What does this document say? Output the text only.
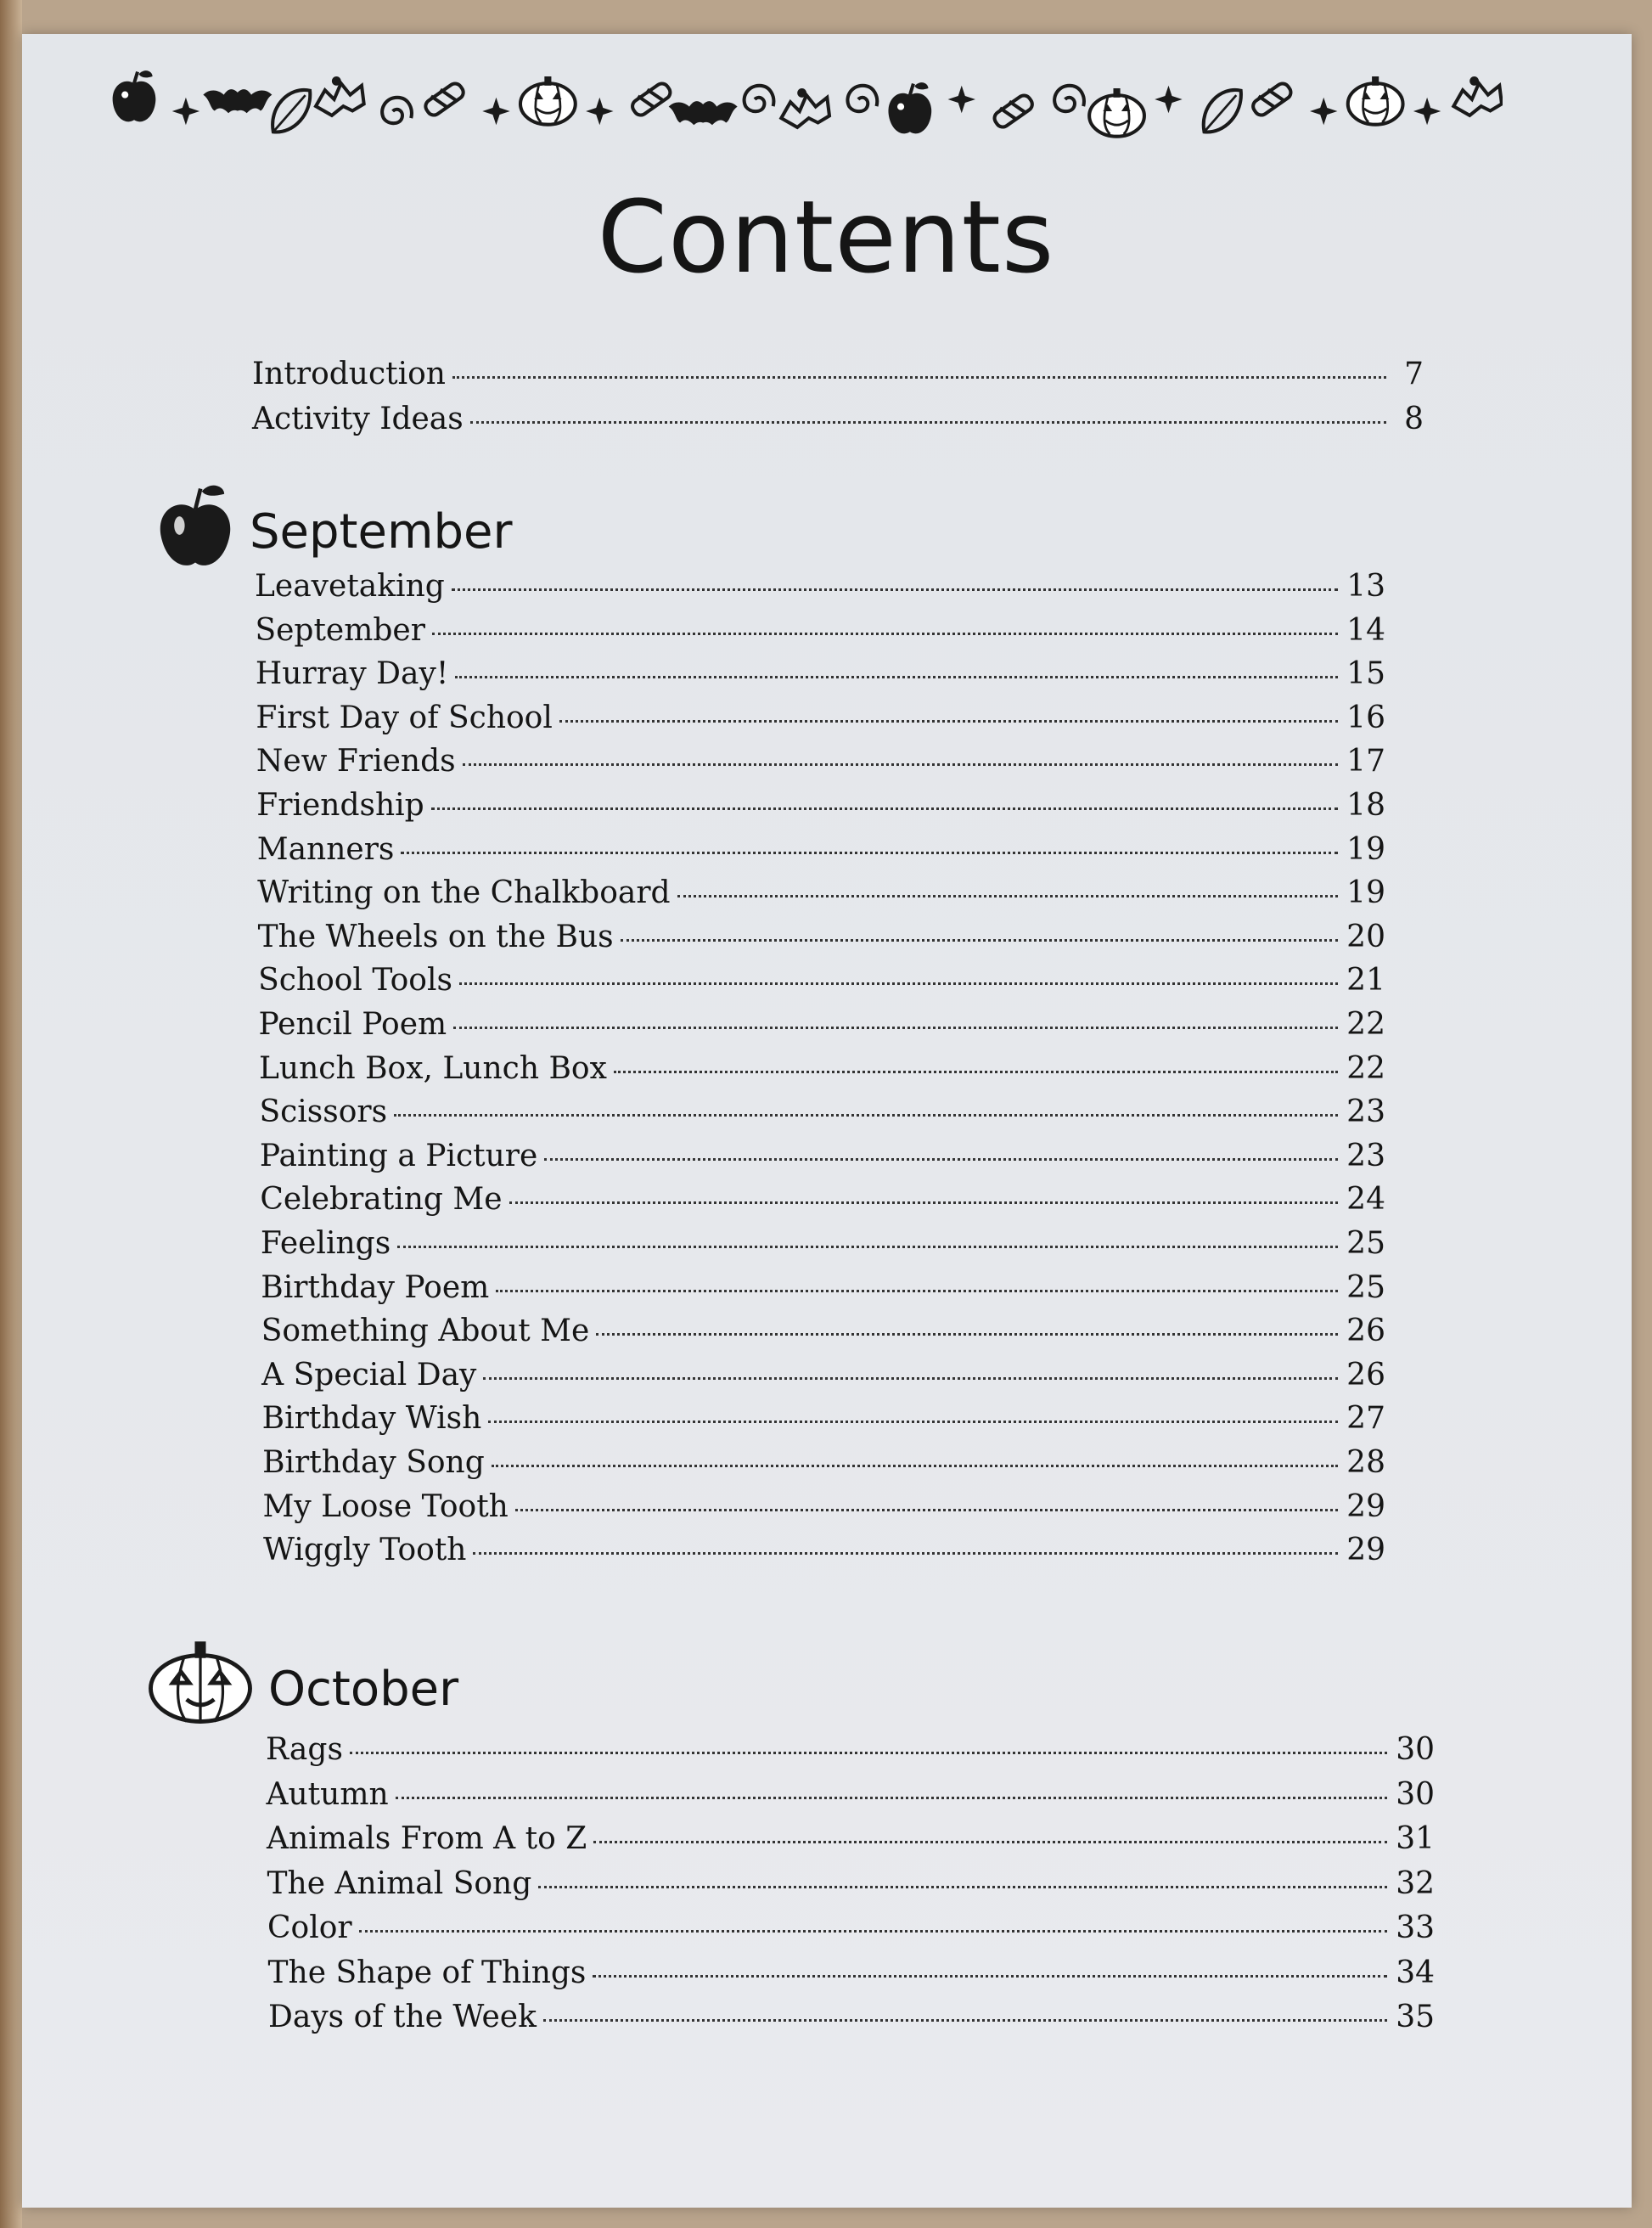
Contents
Introduction	7
Activity Ideas	8
September
Leavetaking	13
September	14
Hurray Day!	15
First Day of School	16
New Friends	17
Friendship	18
Manners	19
Writing on the Chalkboard	19
The Wheels on the Bus	20
School Tools	21
Pencil Poem	22
Lunch Box, Lunch Box	22
Scissors	23
Painting a Picture	23
Celebrating Me	24
Feelings	25
Birthday Poem	25
Something About Me	26
A Special Day	26
Birthday Wish	27
Birthday Song	28
My Loose Tooth	29
Wiggly Tooth	29
October
Rags	30
Autumn	30
Animals From A to Z	31
The Animal Song	32
Color	33
The Shape of Things	34
Days of the Week	35
